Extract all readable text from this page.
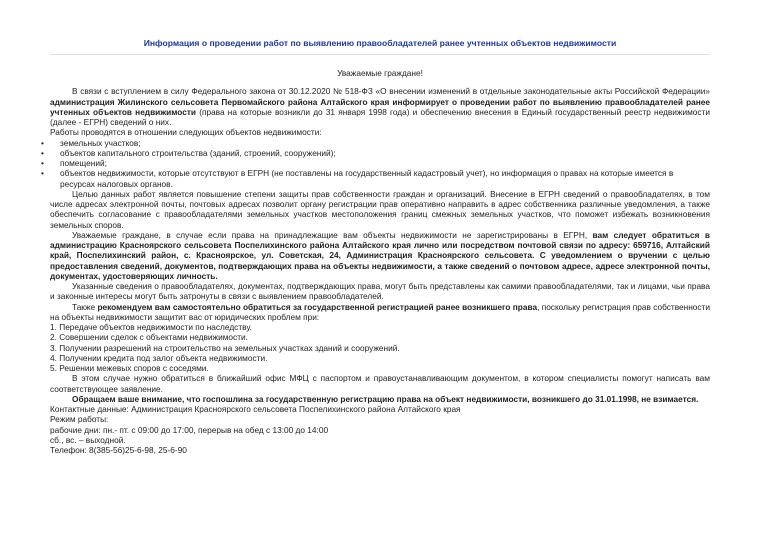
Информация о проведении работ по выявлению правообладателей ранее учтенных объектов недвижимости

Уважаемые граждане!

В связи с вступлением в силу Федерального закона от 30.12.2020 № 518-ФЗ «О внесении изменений в отдельные законодательные акты Российской Федерации» администрация Жилинского сельсовета Первомайского района Алтайского края информирует о проведении работ по выявлению правообладателей ранее учтенных объектов недвижимости (права на которые возникли до 31 января 1998 года) и обеспечению внесения в Единый государственный реестр недвижимости (далее - ЕГРН) сведений о них.

Работы проводятся в отношении следующих объектов недвижимости:

• земельных участков;
• объектов капитального строительства (зданий, строений, сооружений);
• помещений;
• объектов недвижимости, которые отсутствуют в ЕГРН (не поставлены на государственный кадастровый учет), но информация о правах на которые имеется в ресурсах налоговых органов.

Целью данных работ является повышение степени защиты прав собственности граждан и организаций. Внесение в ЕГРН сведений о правообладателях, в том числе адресах электронной почты, почтовых адресах позволит органу регистрации прав оперативно направить в адрес собственника различные уведомления, а также обеспечить согласование с правообладателями земельных участков местоположения границ смежных земельных участков, что поможет избежать возникновения земельных споров.

Уважаемые граждане, в случае если права на принадлежащие вам объекты недвижимости не зарегистрированы в ЕГРН, вам следует обратиться в администрацию Красноярского сельсовета Поспелихинского района Алтайского края лично или посредством почтовой связи по адресу: 659716, Алтайский край, Поспелихинский район, с. Красноярское, ул. Советская, 24, Администрация Красноярского сельсовета. С уведомлением о вручении с целью предоставления сведений, документов, подтверждающих права на объекты недвижимости, а также сведений о почтовом адресе, адресе электронной почты, документах, удостоверяющих личность.

Указанные сведения о правообладателях, документах, подтверждающих права, могут быть представлены как самими правообладателями, так и лицами, чьи права и законные интересы могут быть затронуты в связи с выявлением правообладателей.

Также рекомендуем вам самостоятельно обратиться за государственной регистрацией ранее возникшего права, поскольку регистрация прав собственности на объекты недвижимости защитит вас от юридических проблем при:

1. Передаче объектов недвижимости по наследству.

2. Совершении сделок с объектами недвижимости.

3. Получении разрешений на строительство на земельных участках зданий и сооружений.

4. Получении кредита под залог объекта недвижимости.

5. Решении межевых споров с соседями.

В этом случае нужно обратиться в ближайший офис МФЦ с паспортом и правоустанавливающим документом, в котором специалисты помогут написать вам соответствующее заявление.

Обращаем ваше внимание, что госпошлина за государственную регистрацию права на объект недвижимости, возникшего до 31.01.1998, не взимается.

Контактные данные: Администрация Красноярского сельсовета Поспелихинского района Алтайского края

Режим работы:

рабочие дни: пн.- пт. с 09:00 до 17:00, перерыв на обед с 13:00 до 14:00

сб., вс. – выходной.

Телефон: 8(385-56)25-6-98, 25-6-90
